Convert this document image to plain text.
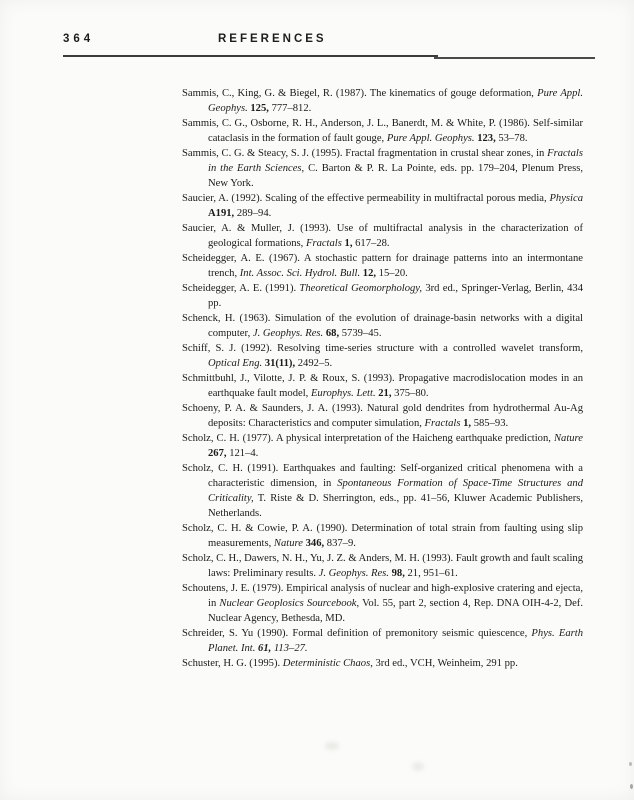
364	REFERENCES

Sammis, C., King, G. & Biegel, R. (1987). The kinematics of gouge deformation, Pure Appl. Geophys. 125, 777–812.

Sammis, C. G., Osborne, R. H., Anderson, J. L., Banerdt, M. & White, P. (1986). Self-similar cataclasis in the formation of fault gouge, Pure Appl. Geophys. 123, 53–78.

Sammis, C. G. & Steacy, S. J. (1995). Fractal fragmentation in crustal shear zones, in Fractals in the Earth Sciences, C. Barton & P. R. La Pointe, eds. pp. 179–204, Plenum Press, New York.

Saucier, A. (1992). Scaling of the effective permeability in multifractal porous media, Physica A191, 289–94.

Saucier, A. & Muller, J. (1993). Use of multifractal analysis in the characterization of geological formations, Fractals 1, 617–28.

Scheidegger, A. E. (1967). A stochastic pattern for drainage patterns into an intermontane trench, Int. Assoc. Sci. Hydrol. Bull. 12, 15–20.

Scheidegger, A. E. (1991). Theoretical Geomorphology, 3rd ed., Springer-Verlag, Berlin, 434 pp.

Schenck, H. (1963). Simulation of the evolution of drainage-basin networks with a digital computer, J. Geophys. Res. 68, 5739–45.

Schiff, S. J. (1992). Resolving time-series structure with a controlled wavelet transform, Optical Eng. 31(11), 2492–5.

Schmittbuhl, J., Vilotte, J. P. & Roux, S. (1993). Propagative macrodislocation modes in an earthquake fault model, Europhys. Lett. 21, 375–80.

Schoeny, P. A. & Saunders, J. A. (1993). Natural gold dendrites from hydrothermal Au-Ag deposits: Characteristics and computer simulation, Fractals 1, 585–93.

Scholz, C. H. (1977). A physical interpretation of the Haicheng earthquake prediction, Nature 267, 121–4.

Scholz, C. H. (1991). Earthquakes and faulting: Self-organized critical phenomena with a characteristic dimension, in Spontaneous Formation of Space-Time Structures and Criticality, T. Riste & D. Sherrington, eds., pp. 41–56, Kluwer Academic Publishers, Netherlands.

Scholz, C. H. & Cowie, P. A. (1990). Determination of total strain from faulting using slip measurements, Nature 346, 837–9.

Scholz, C. H., Dawers, N. H., Yu, J. Z. & Anders, M. H. (1993). Fault growth and fault scaling laws: Preliminary results. J. Geophys. Res. 98, 21, 951–61.

Schoutens, J. E. (1979). Empirical analysis of nuclear and high-explosive cratering and ejecta, in Nuclear Geoplosics Sourcebook, Vol. 55, part 2, section 4, Rep. DNA OIH-4-2, Def. Nuclear Agency, Bethesda, MD.

Schreider, S. Yu (1990). Formal definition of premonitory seismic quiescence, Phys. Earth Planet. Int. 61, 113–27.

Schuster, H. G. (1995). Deterministic Chaos, 3rd ed., VCH, Weinheim, 291 pp.
